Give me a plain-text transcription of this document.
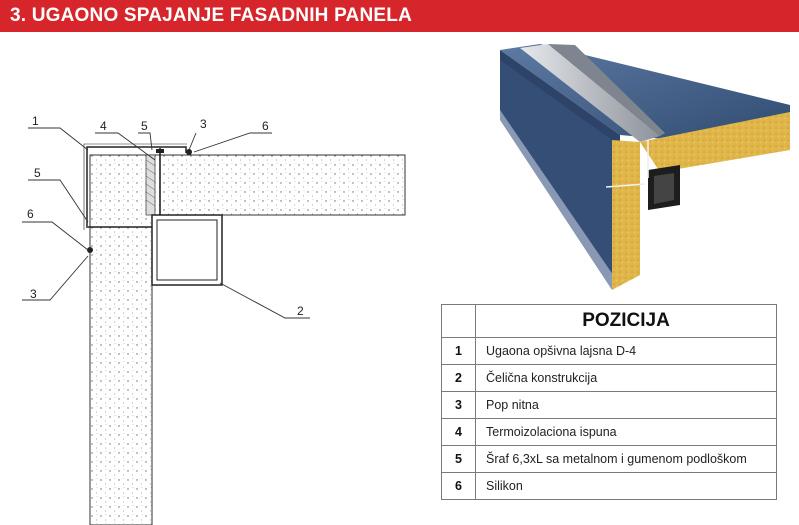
3. UGAONO SPAJANJE FASADNIH PANELA
1	4	5	3	6
5
6
3
2
		POZICIJA
1	Ugaona opšivna lajsna D-4
2	Čelična konstrukcija
3	Pop nitna
4	Termoizolaciona ispuna
5	Šraf 6,3xL sa metalnom i gumenom podloškom
6	Silikon
